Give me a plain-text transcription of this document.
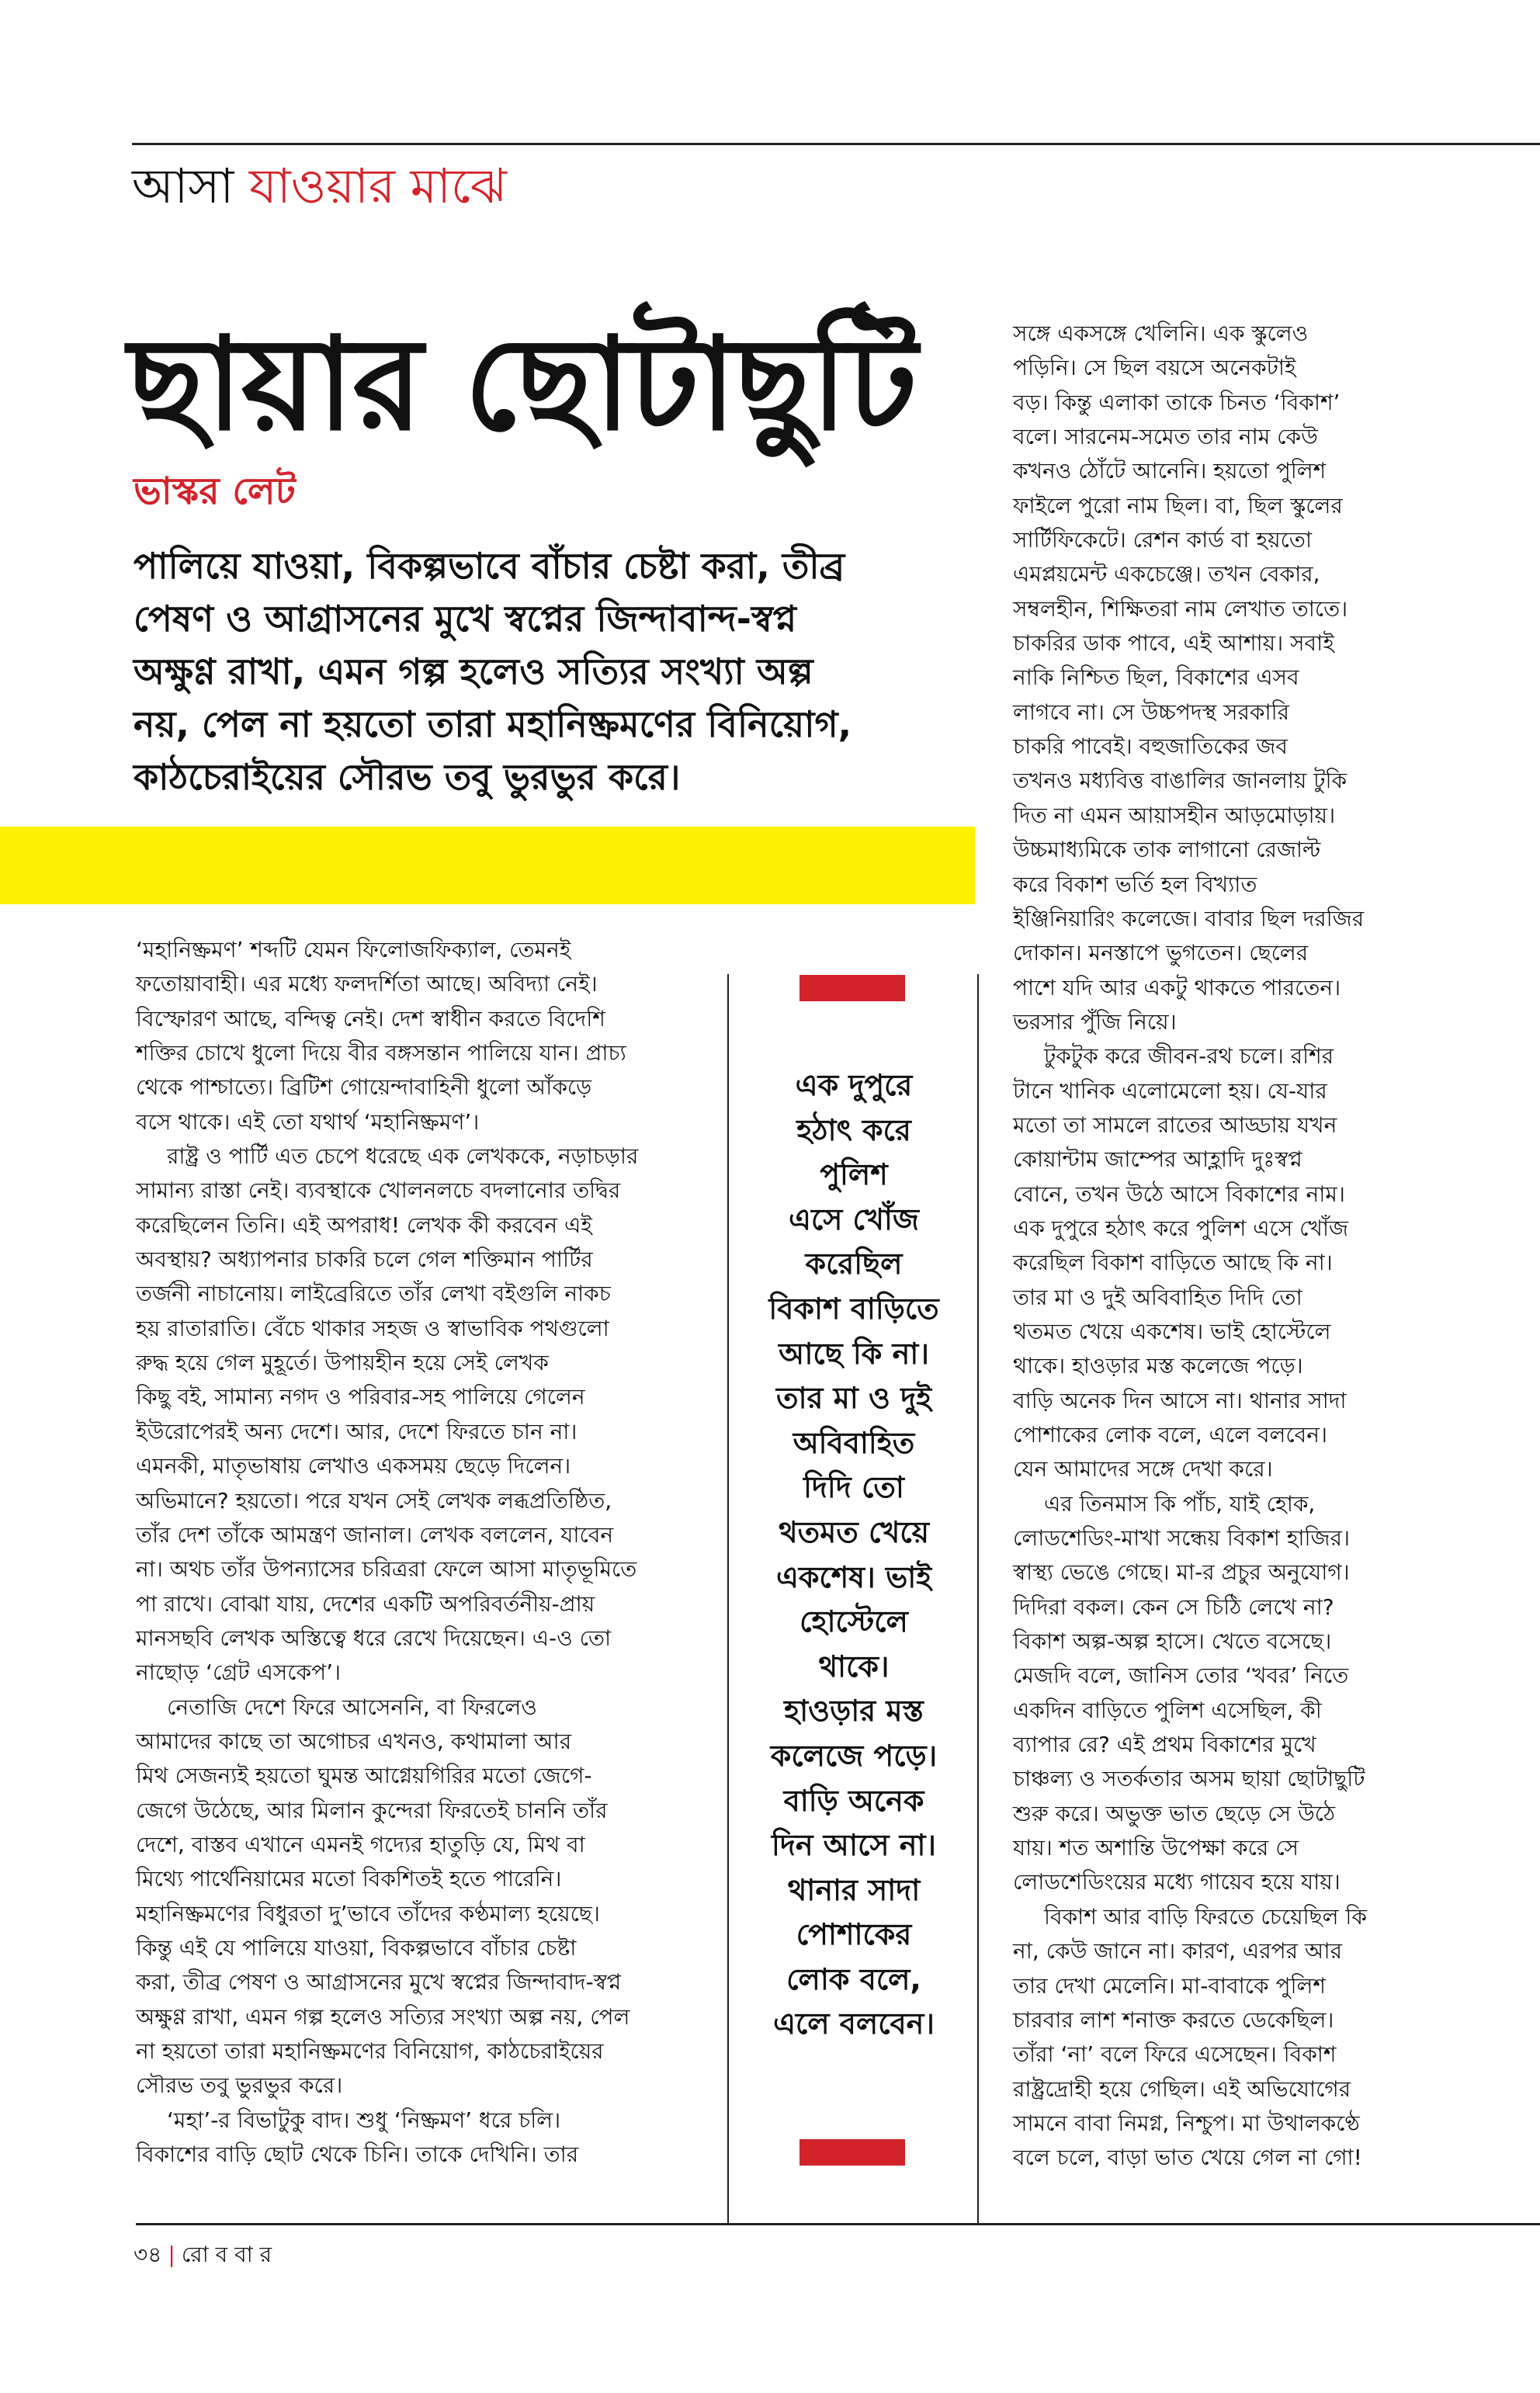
আসা যাওয়ার মাঝে
ছায়ার ছোটাছুটি
ভাস্কর লেট
পালিয়ে যাওয়া, বিকল্পভাবে বাঁচার চেষ্টা করা, তীব্র
পেষণ ও আগ্রাসনের মুখে স্বপ্নের জিন্দাবান্দ-স্বপ্ন
অক্ষুণ্ণ রাখা, এমন গল্প হলেও সত্যির সংখ্যা অল্প
নয়, পেল না হয়তো তারা মহানিষ্ক্রমণের বিনিয়োগ,
কাঠচেরাইয়ের সৌরভ তবু ভুরভুর করে।
‘মহানিষ্ক্রমণ’ শব্দটি যেমন ফিলোজফিক্যাল, তেমনই
ফতোয়াবাহী। এর মধ্যে ফলদর্শিতা আছে। অবিদ্যা নেই।
বিস্ফোরণ আছে, বন্দিত্ব নেই। দেশ স্বাধীন করতে বিদেশি
শক্তির চোখে ধুলো দিয়ে বীর বঙ্গসন্তান পালিয়ে যান। প্রাচ্য
থেকে পাশ্চাত্যে। ব্রিটিশ গোয়েন্দাবাহিনী ধুলো আঁকড়ে
বসে থাকে। এই তো যথার্থ ‘মহানিষ্ক্রমণ’।
রাষ্ট্র ও পার্টি এত চেপে ধরেছে এক লেখককে, নড়াচড়ার
সামান্য রাস্তা নেই। ব্যবস্থাকে খোলনলচে বদলানোর তদ্বির
করেছিলেন তিনি। এই অপরাধ! লেখক কী করবেন এই
অবস্থায়? অধ্যাপনার চাকরি চলে গেল শক্তিমান পার্টির
তর্জনী নাচানোয়। লাইব্রেরিতে তাঁর লেখা বইগুলি নাকচ
হয় রাতারাতি। বেঁচে থাকার সহজ ও স্বাভাবিক পথগুলো
রুদ্ধ হয়ে গেল মুহূর্তে। উপায়হীন হয়ে সেই লেখক
কিছু বই, সামান্য নগদ ও পরিবার-সহ পালিয়ে গেলেন
ইউরোপেরই অন্য দেশে। আর, দেশে ফিরতে চান না।
এমনকী, মাতৃভাষায় লেখাও একসময় ছেড়ে দিলেন।
অভিমানে? হয়তো। পরে যখন সেই লেখক লব্ধপ্রতিষ্ঠিত,
তাঁর দেশ তাঁকে আমন্ত্রণ জানাল। লেখক বললেন, যাবেন
না। অথচ তাঁর উপন্যাসের চরিত্ররা ফেলে আসা মাতৃভূমিতে
পা রাখে। বোঝা যায়, দেশের একটি অপরিবর্তনীয়-প্রায়
মানসছবি লেখক অস্তিত্বে ধরে রেখে দিয়েছেন। এ-ও তো
নাছোড় ‘গ্রেট এসকেপ’।
নেতাজি দেশে ফিরে আসেননি, বা ফিরলেও
আমাদের কাছে তা অগোচর এখনও, কথামালা আর
মিথ সেজন্যই হয়তো ঘুমন্ত আগ্নেয়গিরির মতো জেগে-
জেগে উঠেছে, আর মিলান কুন্দেরা ফিরতেই চাননি তাঁর
দেশে, বাস্তব এখানে এমনই গদ্যের হাতুড়ি যে, মিথ বা
মিথ্যে পার্থেনিয়ামের মতো বিকশিতই হতে পারেনি।
মহানিষ্ক্রমণের বিধুরতা দু’ভাবে তাঁদের কণ্ঠমাল্য হয়েছে।
কিন্তু এই যে পালিয়ে যাওয়া, বিকল্পভাবে বাঁচার চেষ্টা
করা, তীব্র পেষণ ও আগ্রাসনের মুখে স্বপ্নের জিন্দাবাদ-স্বপ্ন
অক্ষুণ্ণ রাখা, এমন গল্প হলেও সত্যির সংখ্যা অল্প নয়, পেল
না হয়তো তারা মহানিষ্ক্রমণের বিনিয়োগ, কাঠচেরাইয়ের
সৌরভ তবু ভুরভুর করে।
‘মহা’-র বিভাটুকু বাদ। শুধু ‘নিষ্ক্রমণ’ ধরে চলি।
বিকাশের বাড়ি ছোট থেকে চিনি। তাকে দেখিনি। তার
এক দুপুরে
হঠাৎ করে
পুলিশ
এসে খোঁজ
করেছিল
বিকাশ বাড়িতে
আছে কি না।
তার মা ও দুই
অবিবাহিত
দিদি তো
থতমত খেয়ে
একশেষ। ভাই
হোস্টেলে
থাকে।
হাওড়ার মস্ত
কলেজে পড়ে।
বাড়ি অনেক
দিন আসে না।
থানার সাদা
পোশাকের
লোক বলে,
এলে বলবেন।
সঙ্গে একসঙ্গে খেলিনি। এক স্কুলেও
পড়িনি। সে ছিল বয়সে অনেকটাই
বড়। কিন্তু এলাকা তাকে চিনত ‘বিকাশ’
বলে। সারনেম-সমেত তার নাম কেউ
কখনও ঠোঁটে আনেনি। হয়তো পুলিশ
ফাইলে পুরো নাম ছিল। বা, ছিল স্কুলের
সার্টিফিকেটে। রেশন কার্ড বা হয়তো
এমপ্লয়মেন্ট একচেঞ্জে। তখন বেকার,
সম্বলহীন, শিক্ষিতরা নাম লেখাত তাতে।
চাকরির ডাক পাবে, এই আশায়। সবাই
নাকি নিশ্চিত ছিল, বিকাশের এসব
লাগবে না। সে উচ্চপদস্থ সরকারি
চাকরি পাবেই। বহুজাতিকের জব
তখনও মধ্যবিত্ত বাঙালির জানলায় টুকি
দিত না এমন আয়াসহীন আড়মোড়ায়।
উচ্চমাধ্যমিকে তাক লাগানো রেজাল্ট
করে বিকাশ ভর্তি হল বিখ্যাত
ইঞ্জিনিয়ারিং কলেজে। বাবার ছিল দরজির
দোকান। মনস্তাপে ভুগতেন। ছেলের
পাশে যদি আর একটু থাকতে পারতেন।
ভরসার পুঁজি নিয়ে।
টুকটুক করে জীবন-রথ চলে। রশির
টানে খানিক এলোমেলো হয়। যে-যার
মতো তা সামলে রাতের আড্ডায় যখন
কোয়ান্টাম জাম্পের আহ্লাদি দুঃস্বপ্ন
বোনে, তখন উঠে আসে বিকাশের নাম।
এক দুপুরে হঠাৎ করে পুলিশ এসে খোঁজ
করেছিল বিকাশ বাড়িতে আছে কি না।
তার মা ও দুই অবিবাহিত দিদি তো
থতমত খেয়ে একশেষ। ভাই হোস্টেলে
থাকে। হাওড়ার মস্ত কলেজে পড়ে।
বাড়ি অনেক দিন আসে না। থানার সাদা
পোশাকের লোক বলে, এলে বলবেন।
যেন আমাদের সঙ্গে দেখা করে।
এর তিনমাস কি পাঁচ, যাই হোক,
লোডশেডিং-মাখা সন্ধেয় বিকাশ হাজির।
স্বাস্থ্য ভেঙে গেছে। মা-র প্রচুর অনুযোগ।
দিদিরা বকল। কেন সে চিঠি লেখে না?
বিকাশ অল্প-অল্প হাসে। খেতে বসেছে।
মেজদি বলে, জানিস তোর ‘খবর’ নিতে
একদিন বাড়িতে পুলিশ এসেছিল, কী
ব্যাপার রে? এই প্রথম বিকাশের মুখে
চাঞ্চল্য ও সতর্কতার অসম ছায়া ছোটাছুটি
শুরু করে। অভুক্ত ভাত ছেড়ে সে উঠে
যায়। শত অশান্তি উপেক্ষা করে সে
লোডশেডিংয়ের মধ্যে গায়েব হয়ে যায়।
বিকাশ আর বাড়ি ফিরতে চেয়েছিল কি
না, কেউ জানে না। কারণ, এরপর আর
তার দেখা মেলেনি। মা-বাবাকে পুলিশ
চারবার লাশ শনাক্ত করতে ডেকেছিল।
তাঁরা ‘না’ বলে ফিরে এসেছেন। বিকাশ
রাষ্ট্রদ্রোহী হয়ে গেছিল। এই অভিযোগের
সামনে বাবা নিমগ্ন, নিশ্চুপ। মা উথালকণ্ঠে
বলে চলে, বাড়া ভাত খেয়ে গেল না গো!
৩৪ | রো ব বা র
